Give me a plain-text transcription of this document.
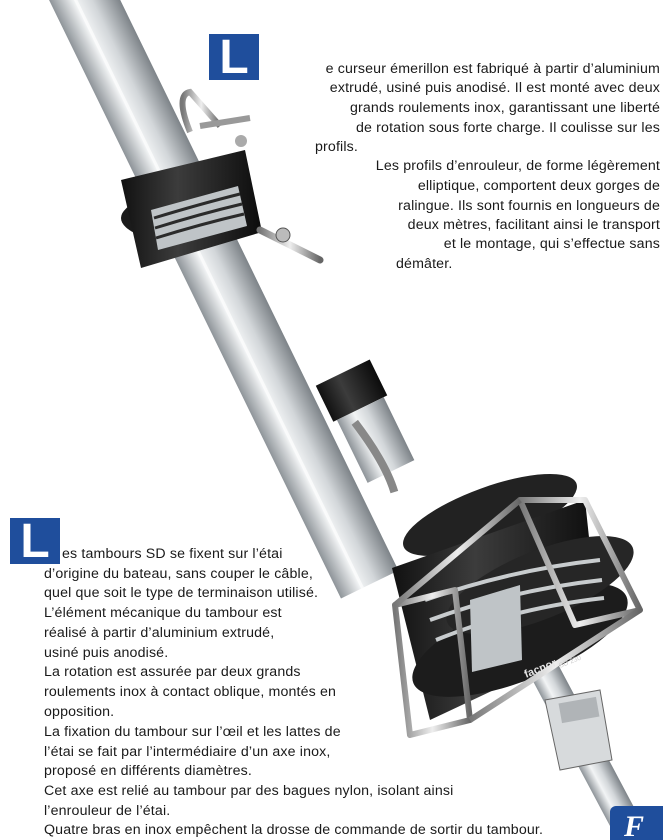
facnor SD 230
L	e curseur émerillon est fabriqué à partir d’aluminium
extrudé, usiné puis anodisé. Il est monté avec deux
grands roulements inox, garantissant une liberté
de rotation sous forte charge. Il coulisse sur les
profils.
Les profils d’enrouleur, de forme légèrement
elliptique, comportent deux gorges de
ralingue. Ils sont fournis en longueurs de
deux mètres, facilitant ainsi le transport
et le montage, qui s’effectue sans
démâter.
L es tambours SD se fixent sur l’étai
d’origine du bateau, sans couper le câble,
quel que soit le type de terminaison utilisé.
L’élément mécanique du tambour est
réalisé à partir d’aluminium extrudé,
usiné puis anodisé.
La rotation est assurée par deux grands
roulements inox à contact oblique, montés en
opposition.
La fixation du tambour sur l’œil et les lattes de
l’étai se fait par l’intermédiaire d’un axe inox,
proposé en différents diamètres.
Cet axe est relié au tambour par des bagues nylon, isolant ainsi
l’enrouleur de l’étai.
Quatre bras en inox empêchent la drosse de commande de sortir du tambour.	F
